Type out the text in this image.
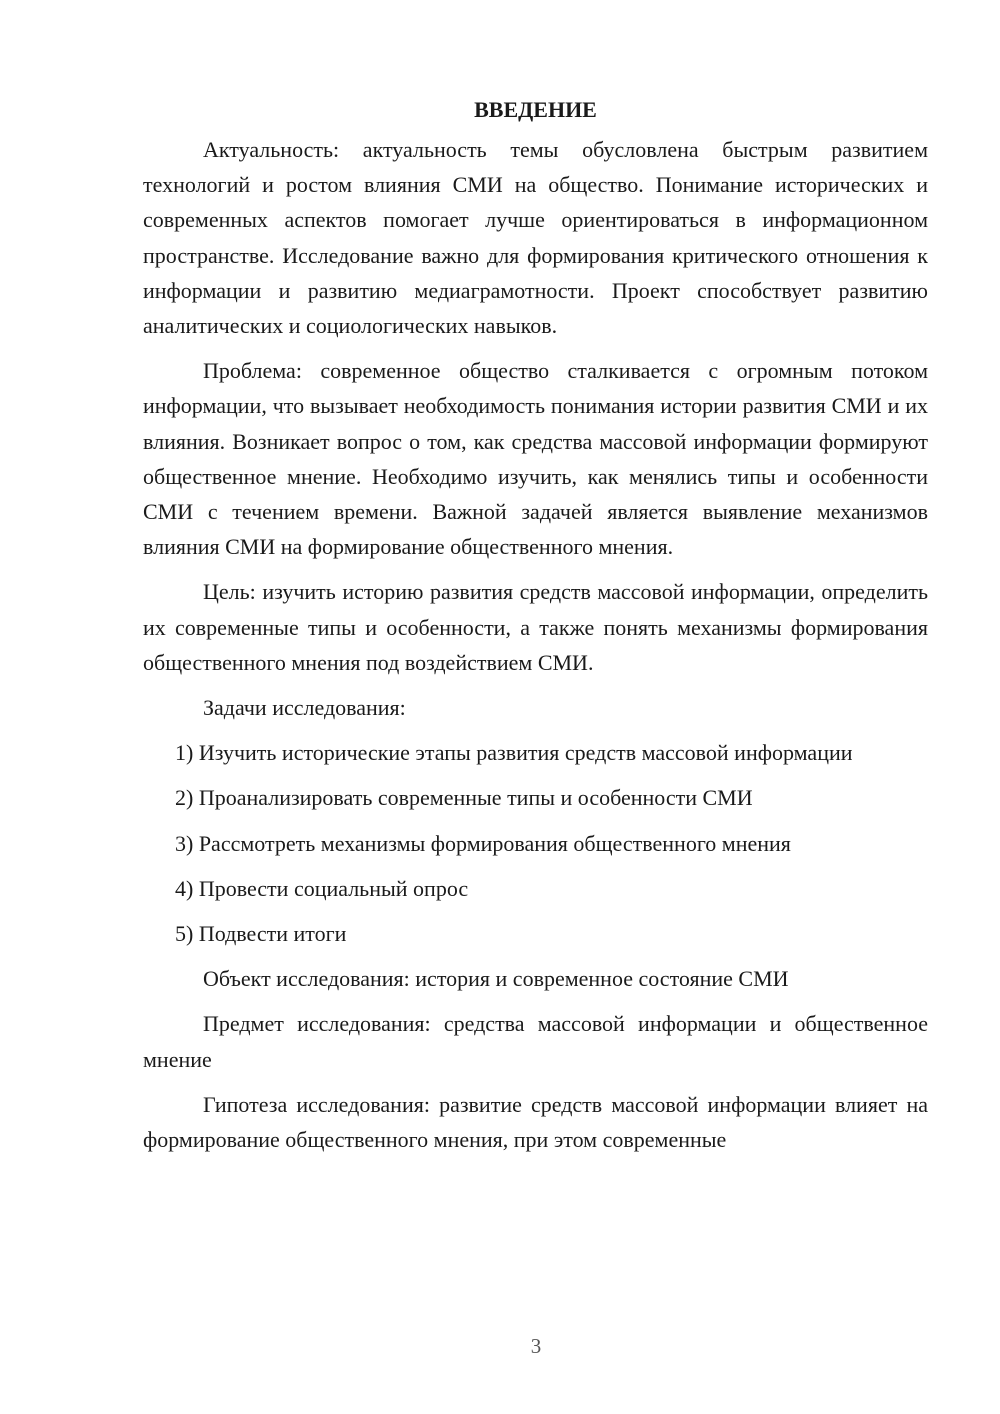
ВВЕДЕНИЕ

Актуальность: актуальность темы обусловлена быстрым развитием технологий и ростом влияния СМИ на общество. Понимание исторических и современных аспектов помогает лучше ориентироваться в информационном пространстве. Исследование важно для формирования критического отношения к информации и развитию медиаграмотности. Проект способствует развитию аналитических и социологических навыков.

Проблема: современное общество сталкивается с огромным потоком информации, что вызывает необходимость понимания истории развития СМИ и их влияния. Возникает вопрос о том, как средства массовой информации формируют общественное мнение. Необходимо изучить, как менялись типы и особенности СМИ с течением времени. Важной задачей является выявление механизмов влияния СМИ на формирование общественного мнения.

Цель: изучить историю развития средств массовой информации, определить их современные типы и особенности, а также понять механизмы формирования общественного мнения под воздействием СМИ.

Задачи исследования:

1) Изучить исторические этапы развития средств массовой информации

2) Проанализировать современные типы и особенности СМИ

3) Рассмотреть механизмы формирования общественного мнения

4) Провести социальный опрос

5) Подвести итоги

Объект исследования: история и современное состояние СМИ

Предмет исследования: средства массовой информации и общественное мнение

Гипотеза исследования: развитие средств массовой информации влияет на формирование общественного мнения, при этом современные

3
